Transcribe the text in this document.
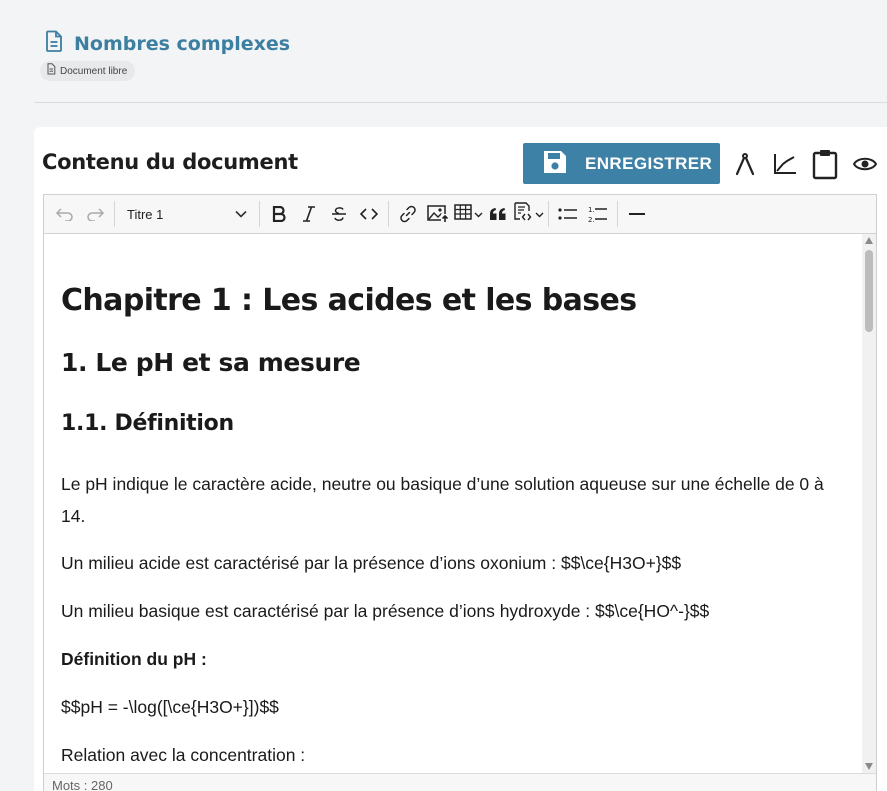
Nombres complexes
Document libre
Contenu du document	ENREGISTRER
Titre 1	1.
2.
Chapitre 1 : Les acides et les bases
1. Le pH et sa mesure
1.1. Définition
Le pH indique le caractère acide, neutre ou basique d’une solution aqueuse sur une échelle de 0 à 14.
Un milieu acide est caractérisé par la présence d’ions oxonium : $$\ce{H3O+}$$
Un milieu basique est caractérisé par la présence d’ions hydroxyde : $$\ce{HO^-}$$
Définition du pH :
$$pH = -\log([\ce{H3O+}])$$
Relation avec la concentration :
Mots : 280
